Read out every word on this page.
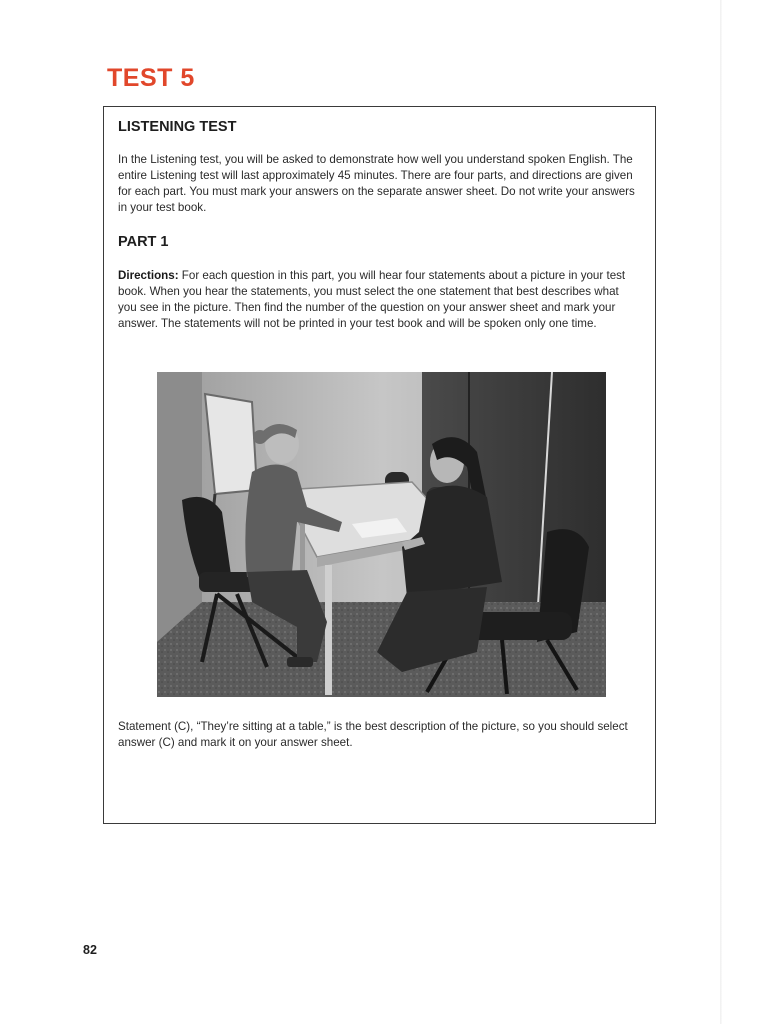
TEST 5
LISTENING TEST
In the Listening test, you will be asked to demonstrate how well you understand spoken English. The entire Listening test will last approximately 45 minutes. There are four parts, and directions are given for each part. You must mark your answers on the separate answer sheet. Do not write your answers in your test book.
PART 1
Directions: For each question in this part, you will hear four statements about a picture in your test book. When you hear the statements, you must select the one statement that best describes what you see in the picture. Then find the number of the question on your answer sheet and mark your answer. The statements will not be printed in your test book and will be spoken only one time.
Statement (C), “They’re sitting at a table,” is the best description of the picture, so you should select answer (C) and mark it on your answer sheet.
82
